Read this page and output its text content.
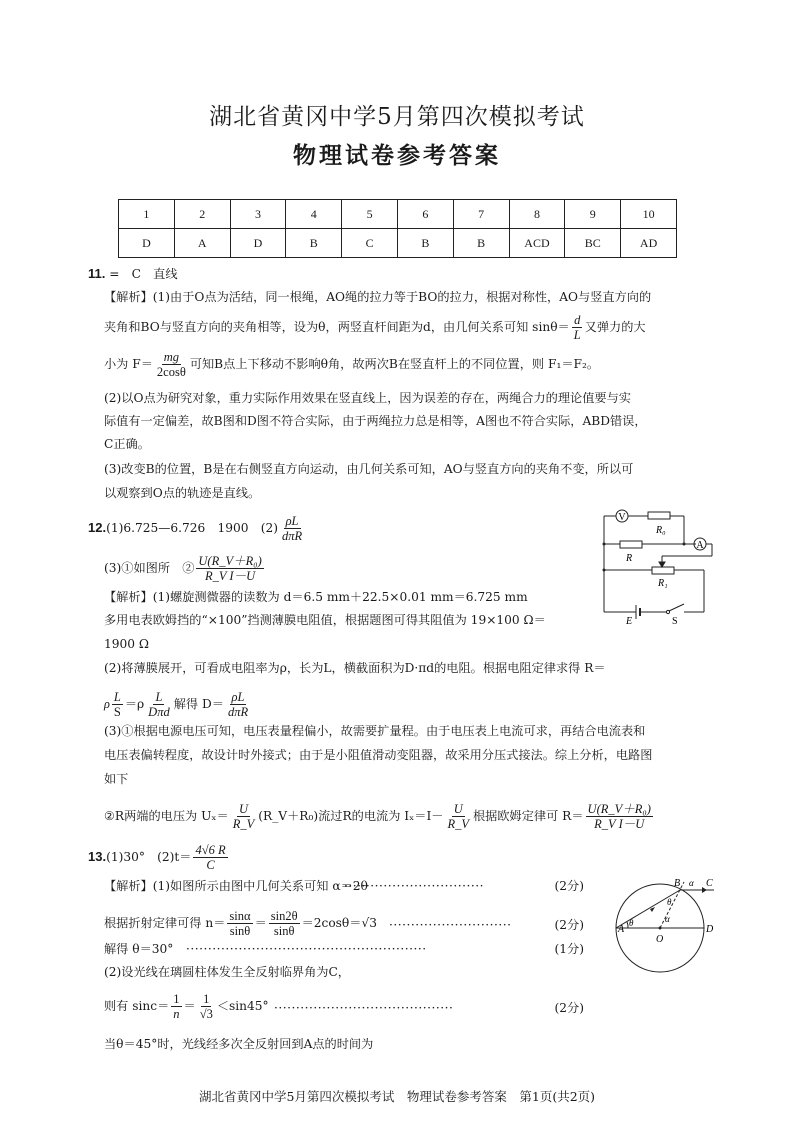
湖北省黄冈中学5月第四次模拟考试
物理试卷参考答案
1	2	3	4	5	6	7	8	9	10
D	A	D	B	C	B	B	ACD	BC	AD
11. =　C　直线
【解析】(1)由于O点为活结，同一根绳，AO绳的拉力等于BO的拉力，根据对称性，AO与竖直方向的
夹角和BO与竖直方向的夹角相等，设为θ，两竖直杆间距为d，由几何关系可知 $\sin\theta= \frac{d}{L}$ 又弹力的大
小为 $F= \frac{mg}{2\cos\theta}$ 可知B点上下移动不影响θ角，故两次B在竖直杆上的不同位置，则 F₁＝F₂。
(2)以O点为研究对象，重力实际作用效果在竖直线上，因为误差的存在，两绳合力的理论值要与实
际值有一定偏差，故B图和D图不符合实际，由于两绳拉力总是相等，A图也不符合实际，ABD错误，
C正确。
(3)改变B的位置，B是在右侧竖直方向运动，由几何关系可知，AO与竖直方向的夹角不变，所以可
以观察到O点的轨迹是直线。
12.(1)6.725—6.726　1900　$(2) \frac{\rho L}{\text{dπR}}$
(3)①如图所　② $\frac{\text{U(R\_V＋R₀)}}{\text{R\_V I－U}}$
【解析】(1)螺旋测微器的读数为 d＝6.5 mm＋22.5×0.01 mm＝6.725 mm
多用电表欧姆挡的“×100”挡测薄膜电阻值，根据题图可得其阻值为 19×100 Ω＝
1900 Ω
(2)将薄膜展开，可看成电阻率为ρ，长为L，横截面积为D·πd的电阻。根据电阻定律求得 R＝
ρ $\frac{L}{S} =\rho \frac{L}{\text{Dπd}}$ 解得 $D= \frac{\rho L}{\text{dπR}}$
(3)①根据电源电压可知，电压表量程偏小，故需要扩量程。由于电压表上电流可求，再结合电流表和
电压表偏转程度，故设计时外接式；由于是小阻值滑动变阻器，故采用分压式接法。综上分析，电路图
如下
②R两端的电压为 $U_x= \frac{U}{R\_V}$ (R_V＋R₀)流过R的电流为 $I_x=I- \frac{U}{R\_V}$ 根据欧姆定律可 $R= \frac{\text{U(R\_V＋R₀)}}{\text{R\_V I－U}}$
V
A
R₀
R
R₁
E	S
13.(1)30°　$(2)t= \frac{4√6 R}{C}$
【解析】(1)如图所示由图中几何关系可知 α＝2θ
································	(2分)
根据折射定律可得 $n= \frac{\sin\alpha}{\sin\theta} = \frac{\sin 2\theta}{\sin\theta} =2\cos\theta=√3$ ····························	(2分)
解得 θ＝30° ·······················································	(1分)
(2)设光线在璃圆柱体发生全反射临界角为C，
则有 $\sin c= \frac{1}{n} = \frac{1}{√3} <\sin 45^\circ$ ·········································	(2分)
当θ＝45°时，光线经多次全反射回到A点的时间为
A
B	C
D
O
θ
θ
α
α
湖北省黄冈中学5月第四次模拟考试　物理试卷参考答案　第1页(共2页)
